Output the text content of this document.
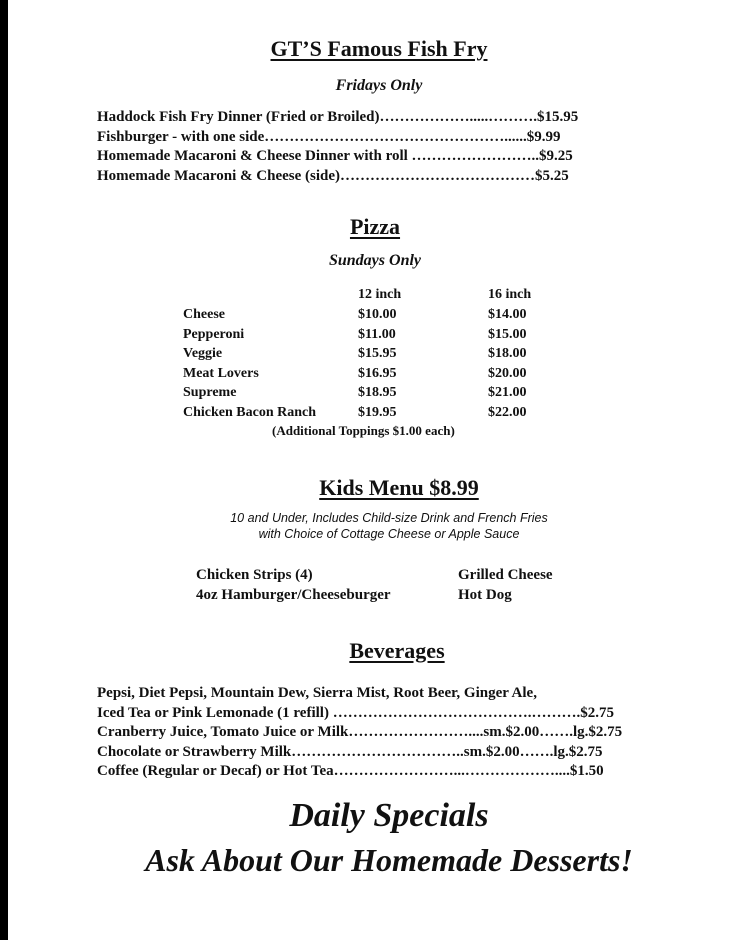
GT’S Famous Fish Fry
Fridays Only
Haddock Fish Fry Dinner (Fried or Broiled)……………….....……….$15.95
Fishburger - with one side…………………………………………......$9.99
Homemade Macaroni & Cheese Dinner with roll ……………………..$9.25
Homemade Macaroni & Cheese (side)…………………………………$5.25
Pizza
Sundays Only
12 inch	16 inch
Cheese
Pepperoni
Veggie
Meat Lovers
Supreme
Chicken Bacon Ranch
$10.00
$11.00
$15.95
$16.95
$18.95
$19.95
$14.00
$15.00
$18.00
$20.00
$21.00
$22.00
(Additional Toppings $1.00 each)
Kids Menu $8.99
10 and Under, Includes Child-size Drink and French Fries
with Choice of Cottage Cheese or Apple Sauce
Chicken Strips (4)
4oz Hamburger/Cheeseburger
Grilled Cheese
Hot Dog
Beverages
Pepsi, Diet Pepsi, Mountain Dew, Sierra Mist, Root Beer, Ginger Ale,
Iced Tea or Pink Lemonade (1 refill) ………………………………….……….$2.75
Cranberry Juice, Tomato Juice or Milk……………………....sm.$2.00…….lg.$2.75
Chocolate or Strawberry Milk……………………………..sm.$2.00…….lg.$2.75
Coffee (Regular or Decaf) or Hot Tea……………………...………………....$1.50
Daily Specials
Ask About Our Homemade Desserts!
